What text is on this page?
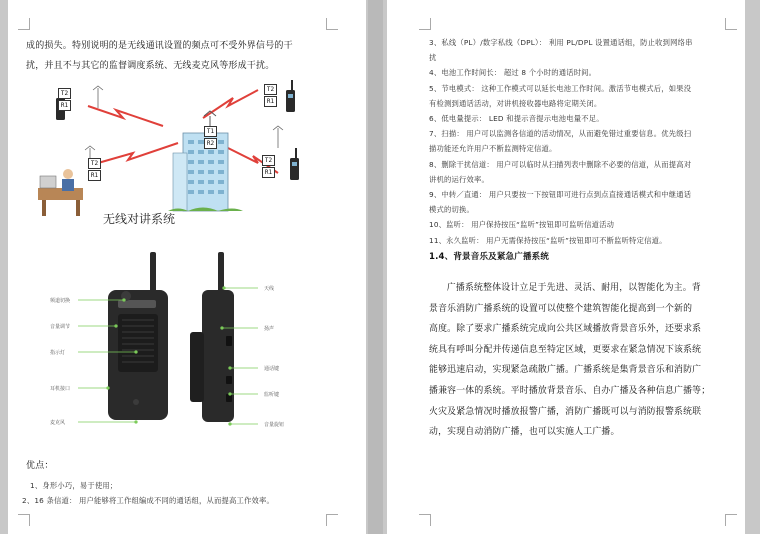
成的损失。特别说明的是无线通讯设置的频点可不受外界信号的干
扰，并且不与其它的监督调度系统、无线麦克风等形成干扰。
T2
R1
T2
R1
T1
R2
T2
R1
T2
R1
无线对讲系统
频道切换
音量调节
指示灯
耳机接口
麦克风
天线
扬声
通话键
监听键
音量旋钮
优点：
1、身形小巧，易于使用；
2、16 条信道： 用户能够将工作组编成不同的通话组，从而提高工作效率。
3、私线（PL）/数字私线（DPL）： 利用 PL/DPL 设置通话组，防止收到网络串
扰
4、电池工作时间长： 超过 8 个小时的通话时间。
5、节电模式： 这种工作模式可以延长电池工作时间。激活节电模式后，如果没
有检测到通话活动，对讲机接收器电路将定期关闭。
6、低电量提示： LED 和提示音提示电池电量不足。
7、扫描： 用户可以监测各信道的活动情况，从而避免错过重要信息。优先级扫
描功能还允许用户不断监测特定信道。
8、删除干扰信道： 用户可以临时从扫描列表中删除不必要的信道，从而提高对
讲机的运行效率。
9、中转／直通： 用户只要按一下按钮即可进行点到点直接通话模式和中继通话
模式的切换。
10、监听： 用户保持按压“监听”按钮即可监听信道活动
11、永久监听： 用户无需保持按压“监听”按钮即可不断监听特定信道。
1.4、背景音乐及紧急广播系统
广播系统整体设计立足于先进、灵活、耐用，以智能化为主。背
景音乐消防广播系统的设置可以使整个建筑智能化提高到一个新的
高度。除了要求广播系统完成向公共区域播放背景音乐外，还要求系
统具有呼叫分配并传递信息至特定区域，更要求在紧急情况下该系统
能够迅速启动，实现紧急疏散广播。广播系统是集背景音乐和消防广
播兼容一体的系统。平时播放背景音乐、自办广播及各种信息广播等；
火灾及紧急情况时播放报警广播，消防广播既可以与消防报警系统联
动，实现自动消防广播，也可以实施人工广播。
